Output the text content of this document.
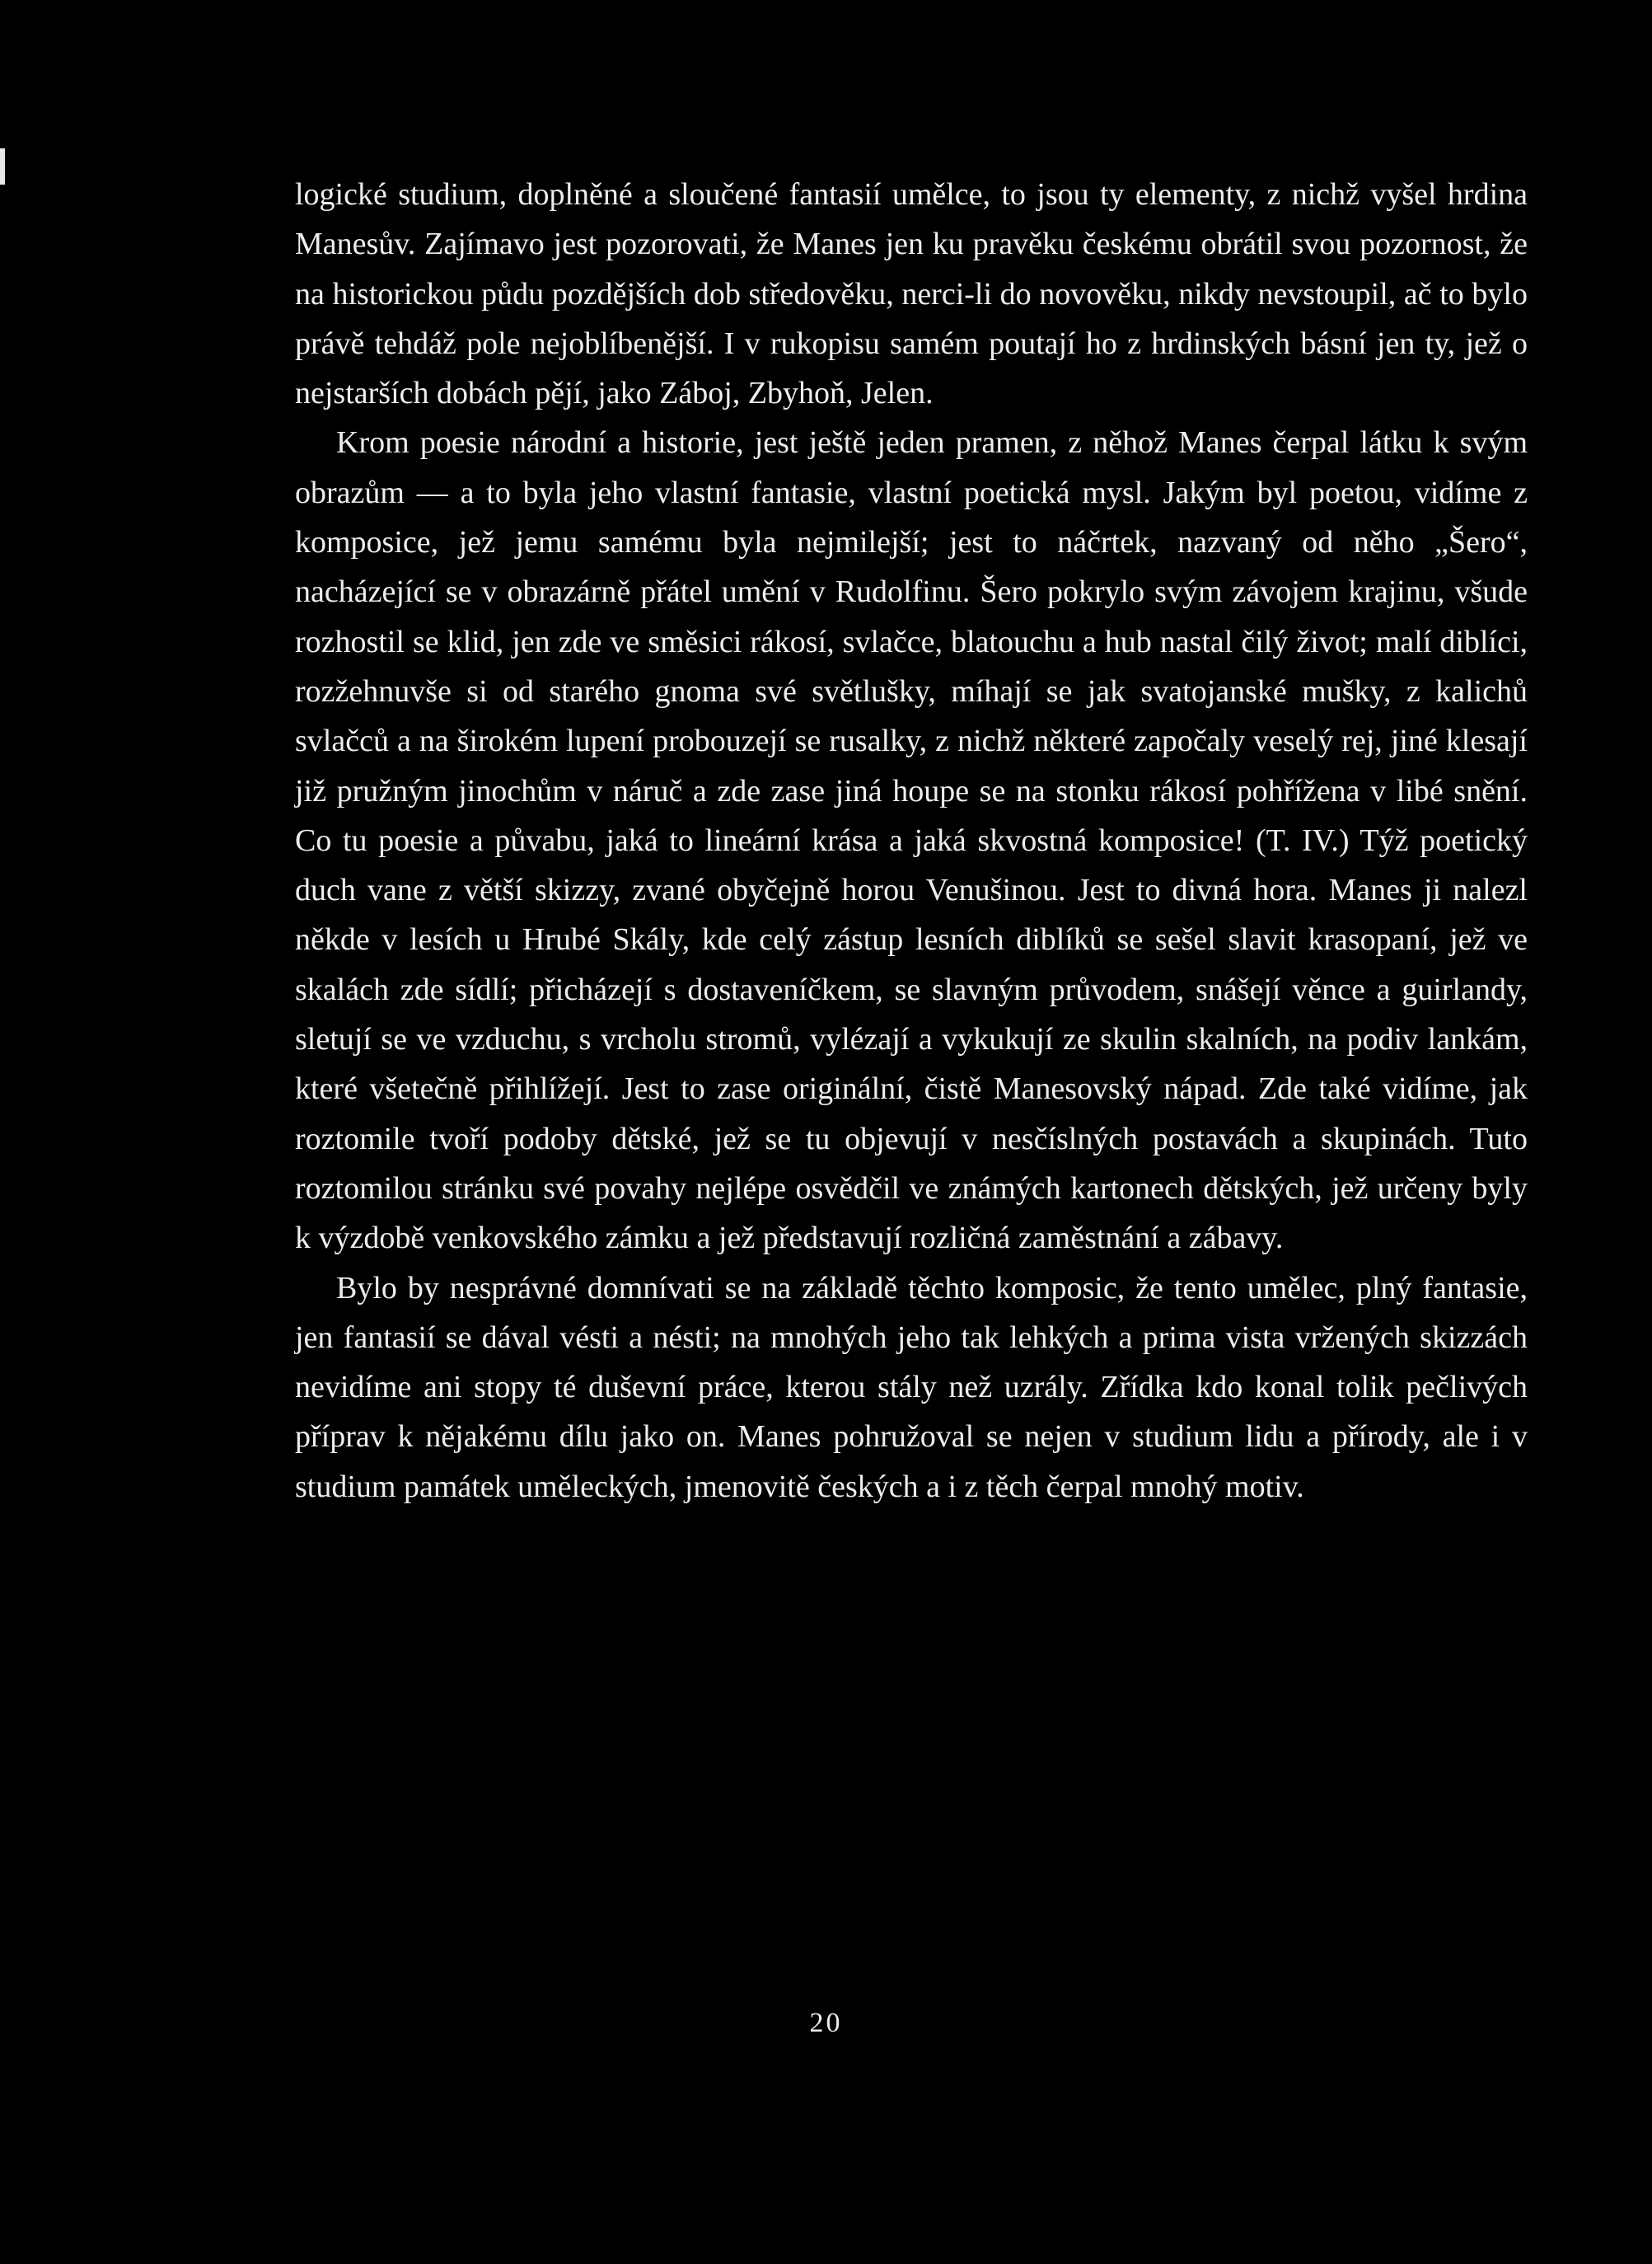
logické studium, doplněné a sloučené fantasií umělce, to jsou ty elementy, z nichž vyšel hrdina Manesův. Zajímavo jest pozorovati, že Manes jen ku pravěku českému obrátil svou pozornost, že na historickou půdu pozdějších dob středověku, nerci-li do novověku, nikdy nevstoupil, ač to bylo právě tehdáž pole nejoblíbenější. I v rukopisu samém poutají ho z hrdinských básní jen ty, jež o nejstarších dobách pějí, jako Záboj, Zbyhoň, Jelen.

Krom poesie národní a historie, jest ještě jeden pramen, z něhož Manes čerpal látku k svým obrazům — a to byla jeho vlastní fantasie, vlastní poetická mysl. Jakým byl poetou, vidíme z komposice, jež jemu samému byla nejmilejší; jest to náčrtek, nazvaný od něho „Šero“, nacházející se v obrazárně přátel umění v Rudolfinu. Šero pokrylo svým závojem krajinu, všude rozhostil se klid, jen zde ve směsici rákosí, svlačce, blatouchu a hub nastal čilý život; malí diblíci, rozžehnuvše si od starého gnoma své světlušky, míhají se jak svatojanské mušky, z kalichů svlačců a na širokém lupení probouzejí se rusalky, z nichž některé započaly veselý rej, jiné klesají již pružným jinochům v náruč a zde zase jiná houpe se na stonku rákosí pohřížena v libé snění. Co tu poesie a půvabu, jaká to lineární krása a jaká skvostná komposice! (T. IV.) Týž poetický duch vane z větší skizzy, zvané obyčejně horou Venušinou. Jest to divná hora. Manes ji nalezl někde v lesích u Hrubé Skály, kde celý zástup lesních diblíků se sešel slavit krasopaní, jež ve skalách zde sídlí; přicházejí s dostaveníčkem, se slavným průvodem, snášejí věnce a guirlandy, sletují se ve vzduchu, s vrcholu stromů, vylézají a vykukují ze skulin skalních, na podiv lankám, které všetečně přihlížejí. Jest to zase originální, čistě Manesovský nápad. Zde také vidíme, jak roztomile tvoří podoby dětské, jež se tu objevují v nesčíslných postavách a skupinách. Tuto roztomilou stránku své povahy nejlépe osvědčil ve známých kartonech dětských, jež určeny byly k výzdobě venkovského zámku a jež představují rozličná zaměstnání a zábavy.

Bylo by nesprávné domnívati se na základě těchto komposic, že tento umělec, plný fantasie, jen fantasií se dával vésti a nésti; na mnohých jeho tak lehkých a prima vista vržených skizzách nevidíme ani stopy té duševní práce, kterou stály než uzrály. Zřídka kdo konal tolik pečlivých příprav k nějakému dílu jako on. Manes pohružoval se nejen v studium lidu a přírody, ale i v studium památek uměleckých, jmenovitě českých a i z těch čerpal mnohý motiv.

20
